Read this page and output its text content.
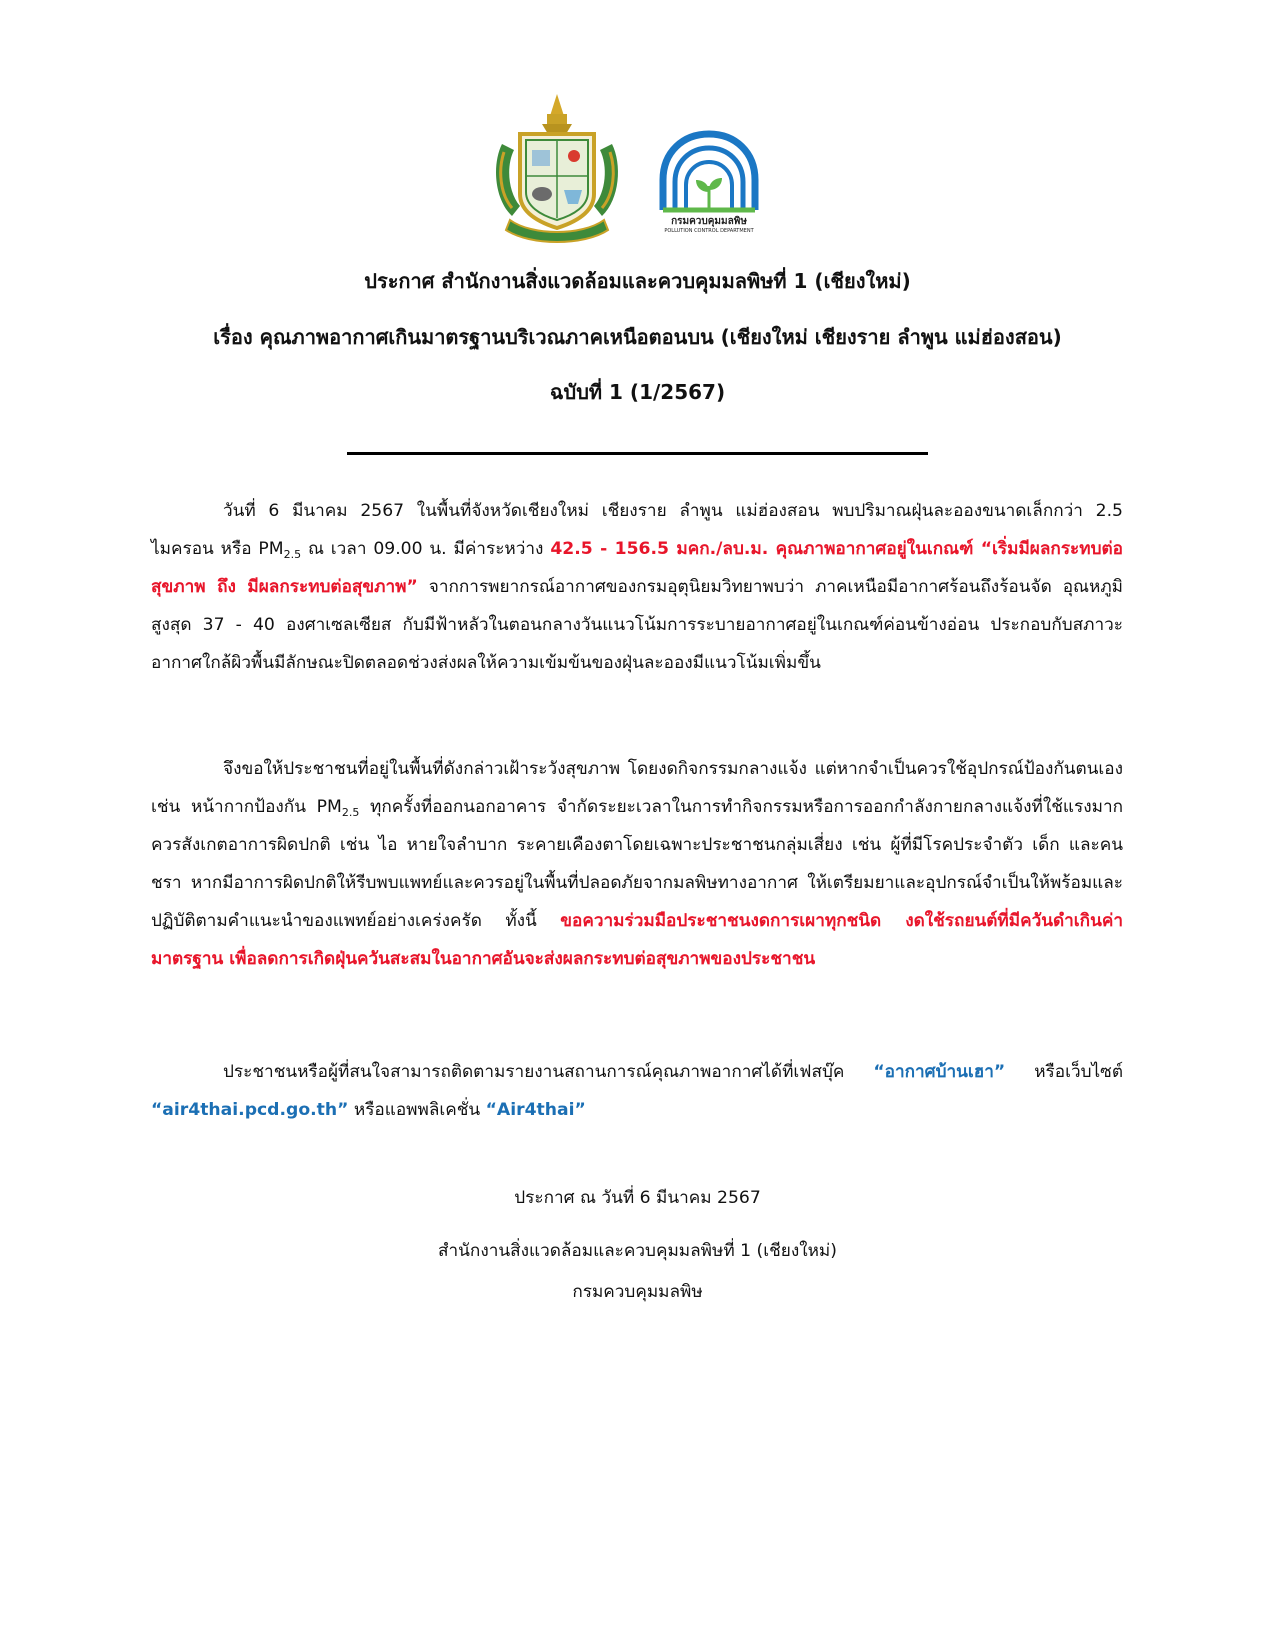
กรมควบคุมมลพิษ
POLLUTION CONTROL DEPARTMENT
ประกาศ สำนักงานสิ่งแวดล้อมและควบคุมมลพิษที่ 1 (เชียงใหม่)
เรื่อง คุณภาพอากาศเกินมาตรฐานบริเวณภาคเหนือตอนบน (เชียงใหม่ เชียงราย ลำพูน แม่ฮ่องสอน)
ฉบับที่ 1 (1/2567)
วันที่ 6 มีนาคม 2567 ในพื้นที่จังหวัดเชียงใหม่ เชียงราย ลำพูน แม่ฮ่องสอน พบปริมาณฝุ่นละอองขนาดเล็กกว่า 2.5 ไมครอน หรือ $PM_{2.5}$ ณ เวลา 09.00 น. มีค่าระหว่าง 42.5 - 156.5 มคก./ลบ.ม. คุณภาพอากาศอยู่ในเกณฑ์ “เริ่มมีผลกระทบต่อสุขภาพ ถึง มีผลกระทบต่อสุขภาพ” จากการพยากรณ์อากาศของกรมอุตุนิยมวิทยาพบว่า ภาคเหนือมีอากาศร้อนถึงร้อนจัด อุณหภูมิสูงสุด 37 - 40 องศาเซลเซียส กับมีฟ้าหลัวในตอนกลางวันแนวโน้มการระบายอากาศอยู่ในเกณฑ์ค่อนข้างอ่อน ประกอบกับสภาวะอากาศใกล้ผิวพื้นมีลักษณะปิดตลอดช่วงส่งผลให้ความเข้มข้นของฝุ่นละอองมีแนวโน้มเพิ่มขึ้น
จึงขอให้ประชาชนที่อยู่ในพื้นที่ดังกล่าวเฝ้าระวังสุขภาพ โดยงดกิจกรรมกลางแจ้ง แต่หากจำเป็นควรใช้อุปกรณ์ป้องกันตนเอง เช่น หน้ากากป้องกัน $PM_{2.5}$ ทุกครั้งที่ออกนอกอาคาร จำกัดระยะเวลาในการทำกิจกรรมหรือการออกกำลังกายกลางแจ้งที่ใช้แรงมาก ควรสังเกตอาการผิดปกติ เช่น ไอ หายใจลำบาก ระคายเคืองตาโดยเฉพาะประชาชนกลุ่มเสี่ยง เช่น ผู้ที่มีโรคประจำตัว เด็ก และคนชรา หากมีอาการผิดปกติให้รีบพบแพทย์และควรอยู่ในพื้นที่ปลอดภัยจากมลพิษทางอากาศ ให้เตรียมยาและอุปกรณ์จำเป็นให้พร้อมและปฏิบัติตามคำแนะนำของแพทย์อย่างเคร่งครัด ทั้งนี้ ขอความร่วมมือประชาชนงดการเผาทุกชนิด งดใช้รถยนต์ที่มีควันดำเกินค่ามาตรฐาน เพื่อลดการเกิดฝุ่นควันสะสมในอากาศอันจะส่งผลกระทบต่อสุขภาพของประชาชน
ประชาชนหรือผู้ที่สนใจสามารถติดตามรายงานสถานการณ์คุณภาพอากาศได้ที่เฟสบุ๊ค “อากาศบ้านเฮา” หรือเว็บไซต์ “air4thai.pcd.go.th” หรือแอพพลิเคชั่น “Air4thai”
ประกาศ ณ วันที่ 6 มีนาคม 2567
สำนักงานสิ่งแวดล้อมและควบคุมมลพิษที่ 1 (เชียงใหม่)
กรมควบคุมมลพิษ
